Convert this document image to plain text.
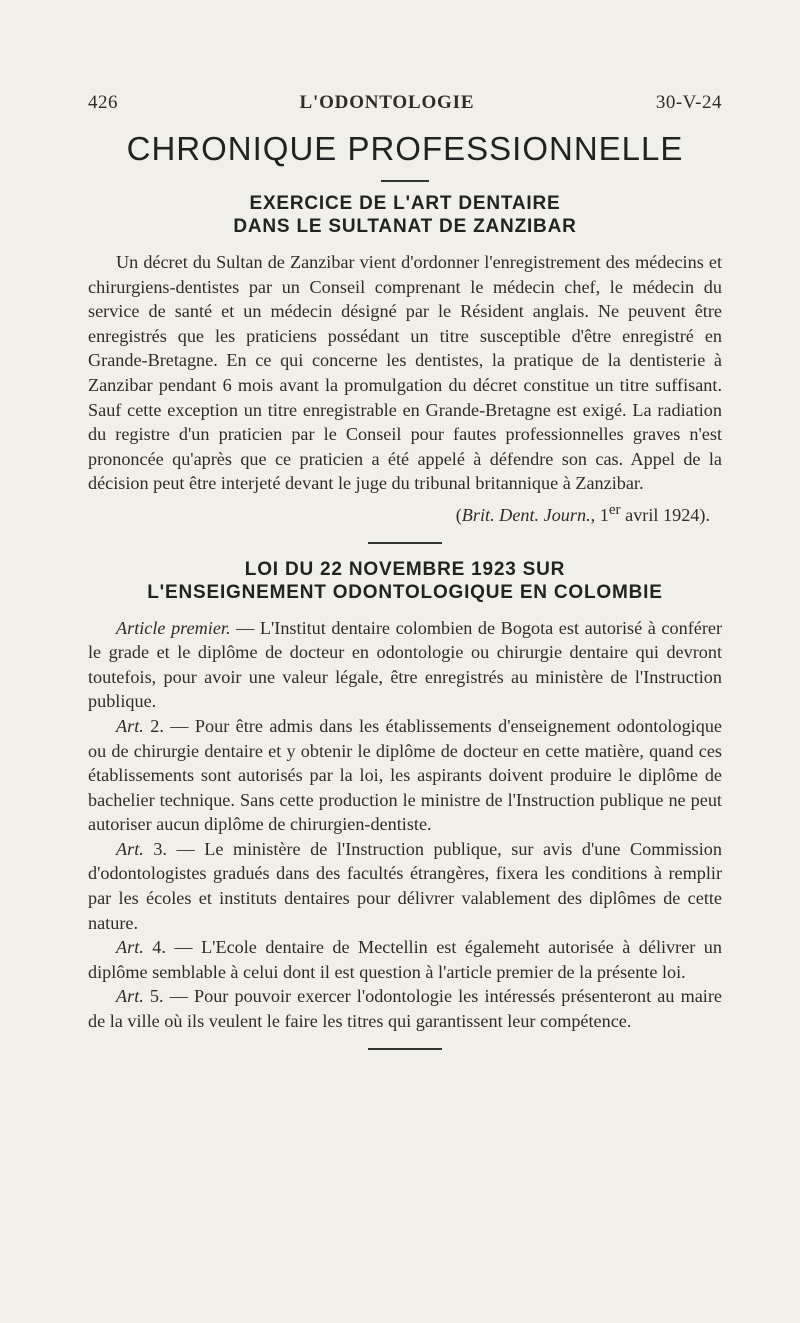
426	L'ODONTOLOGIE	30-V-24
CHRONIQUE PROFESSIONNELLE
EXERCICE DE L'ART DENTAIRE
DANS LE SULTANAT DE ZANZIBAR

Un décret du Sultan de Zanzibar vient d'ordonner l'enregistrement des médecins et chirurgiens-dentistes par un Conseil comprenant le médecin chef, le médecin du service de santé et un médecin désigné par le Résident anglais. Ne peuvent être enregistrés que les praticiens possédant un titre susceptible d'être enregistré en Grande-Bretagne. En ce qui concerne les dentistes, la pratique de la dentisterie à Zanzibar pendant 6 mois avant la promulgation du décret constitue un titre suffisant. Sauf cette exception un titre enregistrable en Grande-Bretagne est exigé. La radiation du registre d'un praticien par le Conseil pour fautes professionnelles graves n'est prononcée qu'après que ce praticien a été appelé à défendre son cas. Appel de la décision peut être interjeté devant le juge du tribunal britannique à Zanzibar.

(Brit. Dent. Journ., 1er avril 1924).
LOI DU 22 NOVEMBRE 1923 SUR
L'ENSEIGNEMENT ODONTOLOGIQUE EN COLOMBIE

Article premier. — L'Institut dentaire colombien de Bogota est autorisé à conférer le grade et le diplôme de docteur en odontologie ou chirurgie dentaire qui devront toutefois, pour avoir une valeur légale, être enregistrés au ministère de l'Instruction publique.

Art. 2. — Pour être admis dans les établissements d'enseignement odontologique ou de chirurgie dentaire et y obtenir le diplôme de docteur en cette matière, quand ces établissements sont autorisés par la loi, les aspirants doivent produire le diplôme de bachelier technique. Sans cette production le ministre de l'Instruction publique ne peut autoriser aucun diplôme de chirurgien-dentiste.

Art. 3. — Le ministère de l'Instruction publique, sur avis d'une Commission d'odontologistes gradués dans des facultés étrangères, fixera les conditions à remplir par les écoles et instituts dentaires pour délivrer valablement des diplômes de cette nature.

Art. 4. — L'Ecole dentaire de Mectellin est égalemeht autorisée à délivrer un diplôme semblable à celui dont il est question à l'article premier de la présente loi.

Art. 5. — Pour pouvoir exercer l'odontologie les intéressés présenteront au maire de la ville où ils veulent le faire les titres qui garantissent leur compétence.
